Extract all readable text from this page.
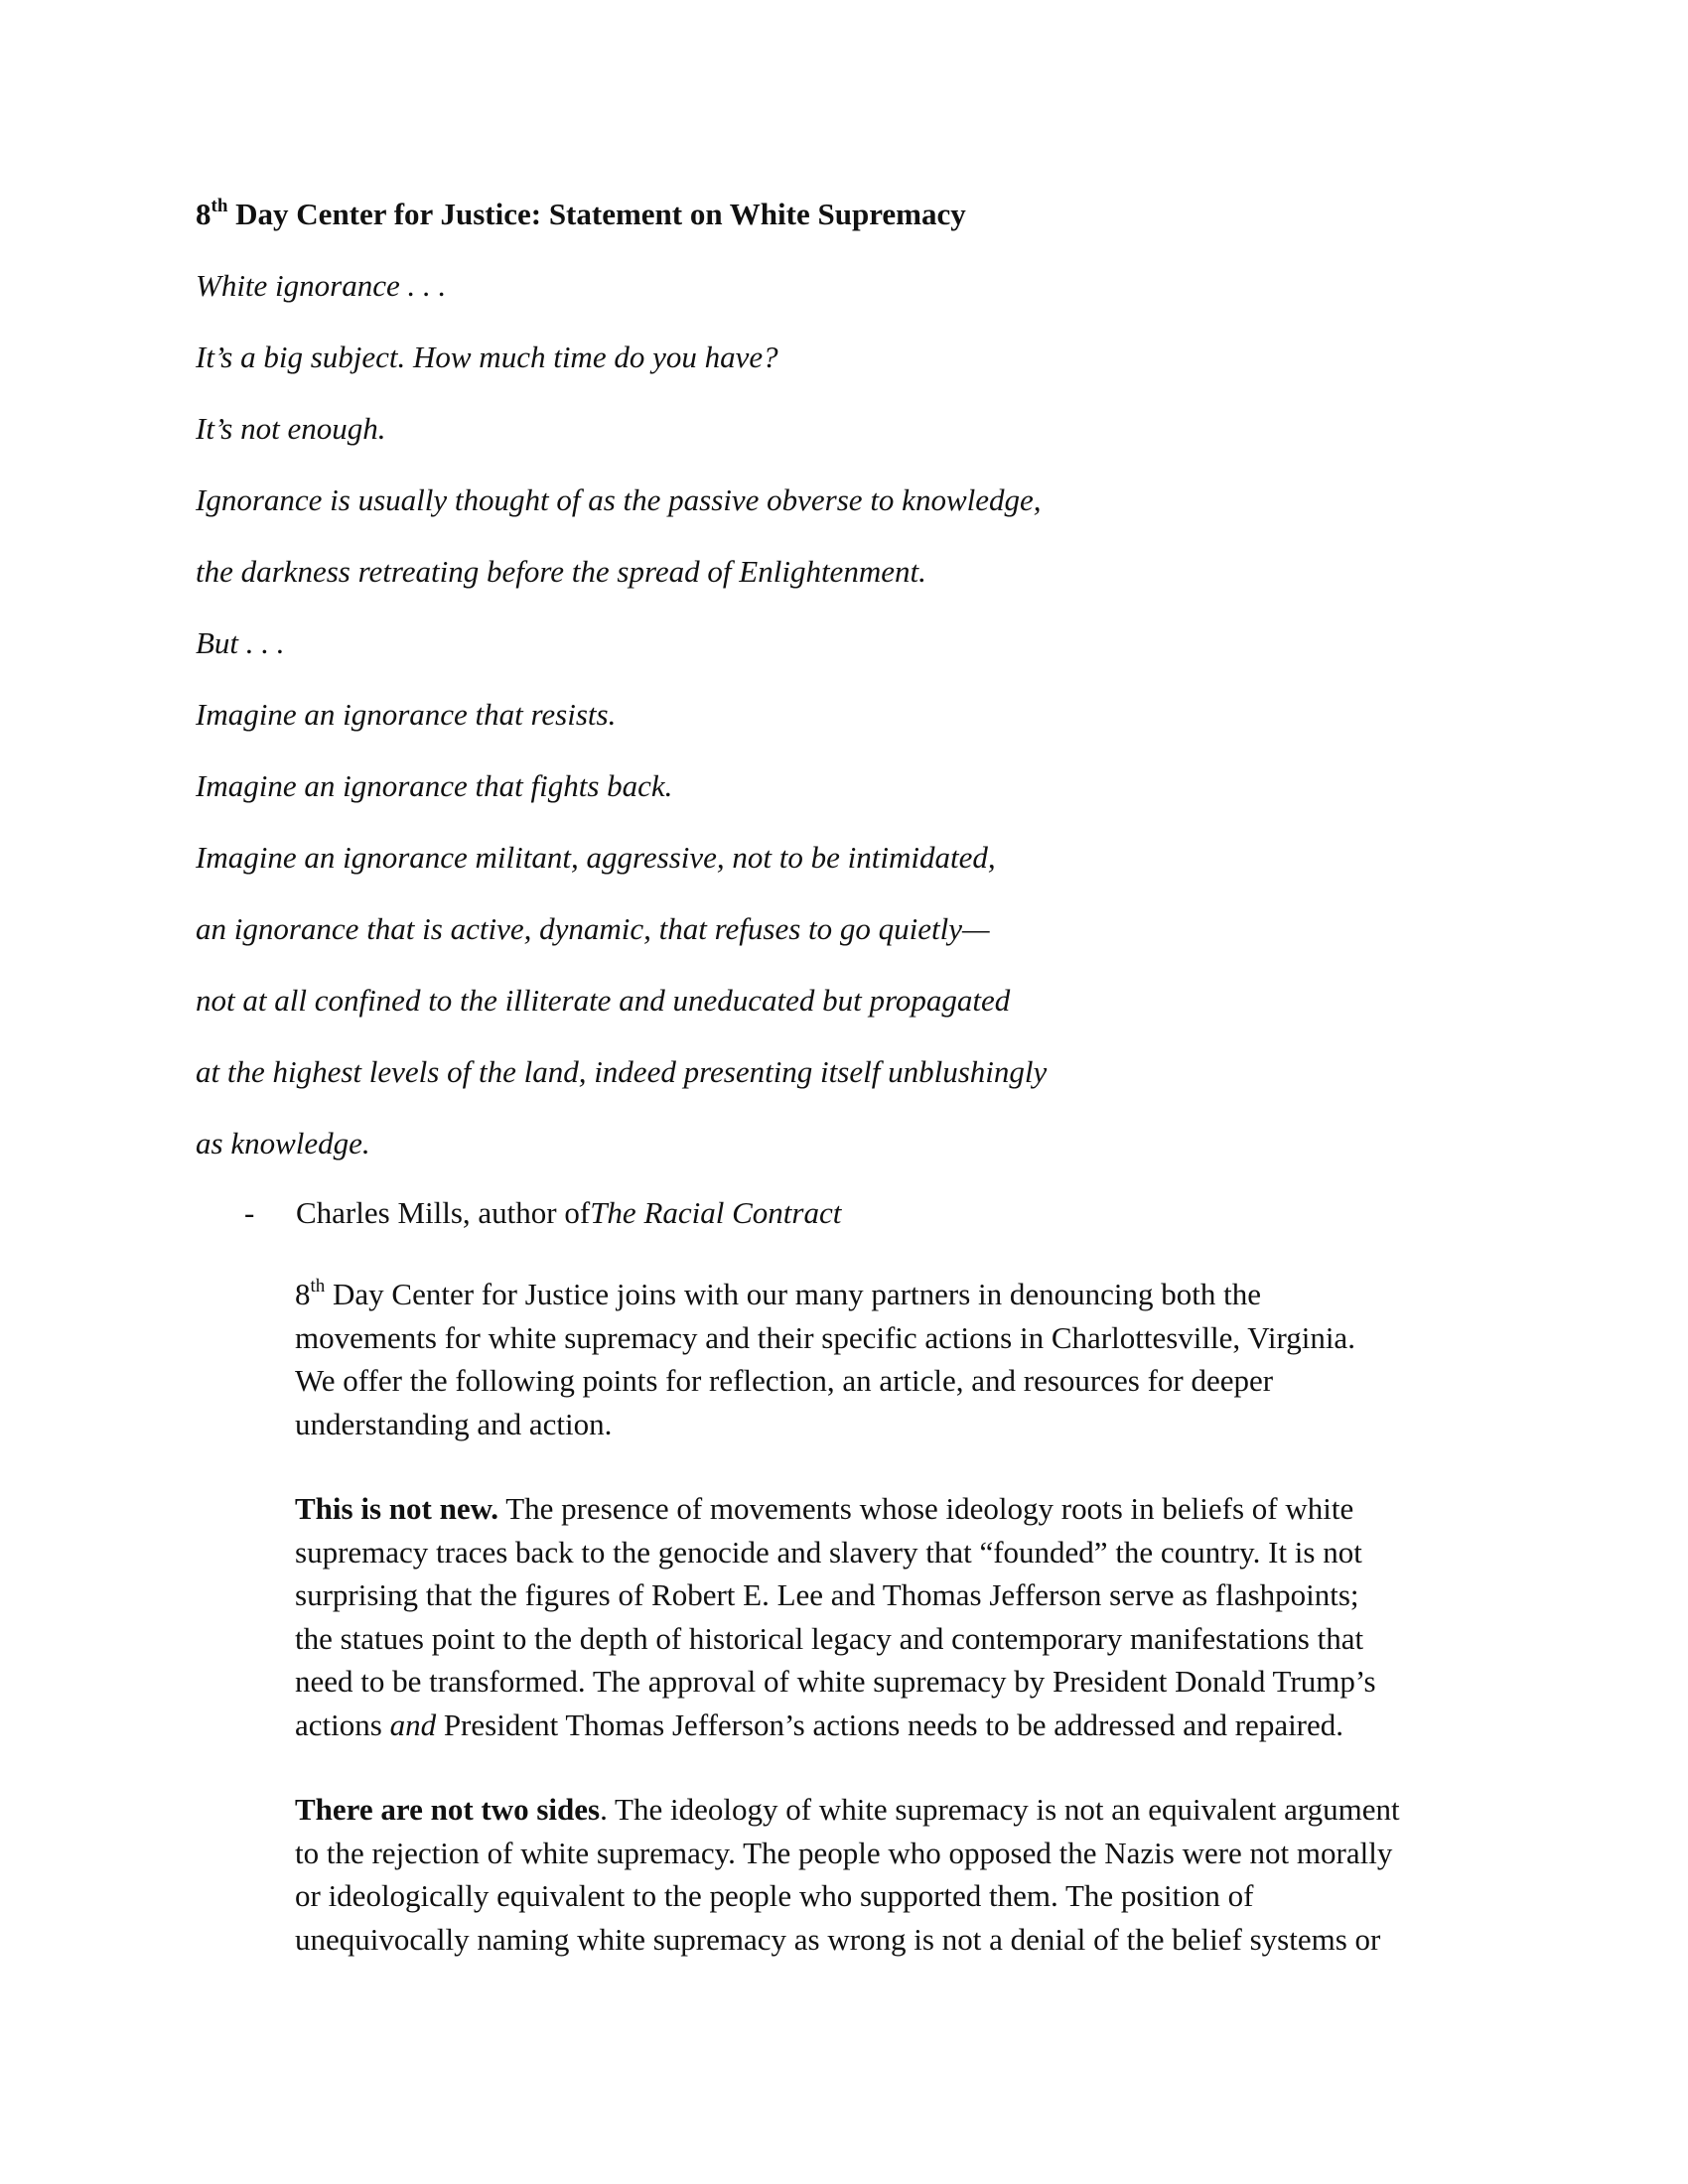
8th Day Center for Justice: Statement on White Supremacy
White ignorance . . .
It’s a big subject. How much time do you have?
It’s not enough.
Ignorance is usually thought of as the passive obverse to knowledge,
the darkness retreating before the spread of Enlightenment.
But . . .
Imagine an ignorance that resists.
Imagine an ignorance that fights back.
Imagine an ignorance militant, aggressive, not to be intimidated,
an ignorance that is active, dynamic, that refuses to go quietly—
not at all confined to the illiterate and uneducated but propagated
at the highest levels of the land, indeed presenting itself unblushingly
as knowledge.
- Charles Mills, author ofThe Racial Contract

8th Day Center for Justice joins with our many partners in denouncing both the
movements for white supremacy and their specific actions in Charlottesville, Virginia.
We offer the following points for reflection, an article, and resources for deeper
understanding and action.

This is not new. The presence of movements whose ideology roots in beliefs of white
supremacy traces back to the genocide and slavery that “founded” the country. It is not
surprising that the figures of Robert E. Lee and Thomas Jefferson serve as flashpoints;
the statues point to the depth of historical legacy and contemporary manifestations that
need to be transformed. The approval of white supremacy by President Donald Trump’s
actions and President Thomas Jefferson’s actions needs to be addressed and repaired.

There are not two sides. The ideology of white supremacy is not an equivalent argument
to the rejection of white supremacy. The people who opposed the Nazis were not morally
or ideologically equivalent to the people who supported them. The position of
unequivocally naming white supremacy as wrong is not a denial of the belief systems or
